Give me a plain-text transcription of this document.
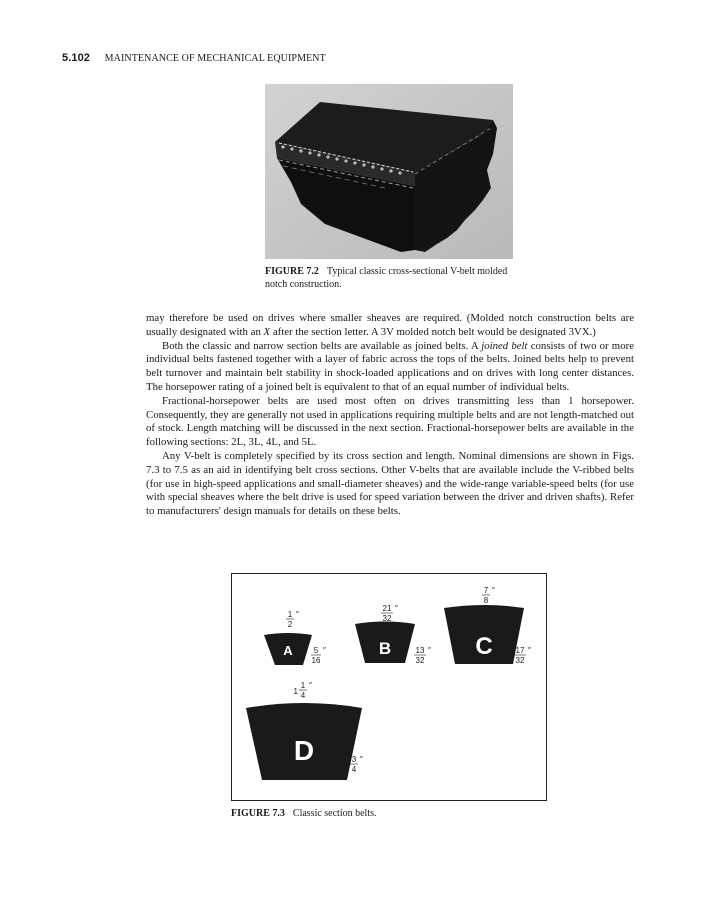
5.102 MAINTENANCE OF MECHANICAL EQUIPMENT
FIGURE 7.2 Typical classic cross-sectional V-belt molded
notch construction.

may therefore be used on drives where smaller sheaves are required. (Molded notch construction belts are usually designated with an X after the section letter. A 3V molded notch belt would be designated 3VX.)

Both the classic and narrow section belts are available as joined belts. A joined belt consists of two or more individual belts fastened together with a layer of fabric across the tops of the belts. Joined belts help to prevent belt turnover and maintain belt stability in shock-loaded applications and on drives with long center distances. The horsepower rating of a joined belt is equivalent to that of an equal number of individual belts.

Fractional-horsepower belts are used most often on drives transmitting less than 1 horsepower. Consequently, they are generally not used in applications requiring multiple belts and are not length-matched out of stock. Length matching will be discussed in the next section. Fractional-horsepower belts are available in the following sections: 2L, 3L, 4L, and 5L.

Any V-belt is completely specified by its cross section and length. Nominal dimensions are shown in Figs. 7.3 to 7.5 as an aid in identifying belt cross sections. Other V-belts that are available include the V-ribbed belts (for use in high-speed applications and small-diameter sheaves) and the wide-range variable-speed belts (for use with special sheaves where the belt drive is used for speed variation between the driver and driven shafts). Refer to manufacturers' design manuals for details on these belts.

A
1
2
″
5
16
″	B
21
32
″
13
32
″ C
7
8
″
17
32
″
D
1
1
4
″
3
4
″
FIGURE 7.3 Classic section belts.
